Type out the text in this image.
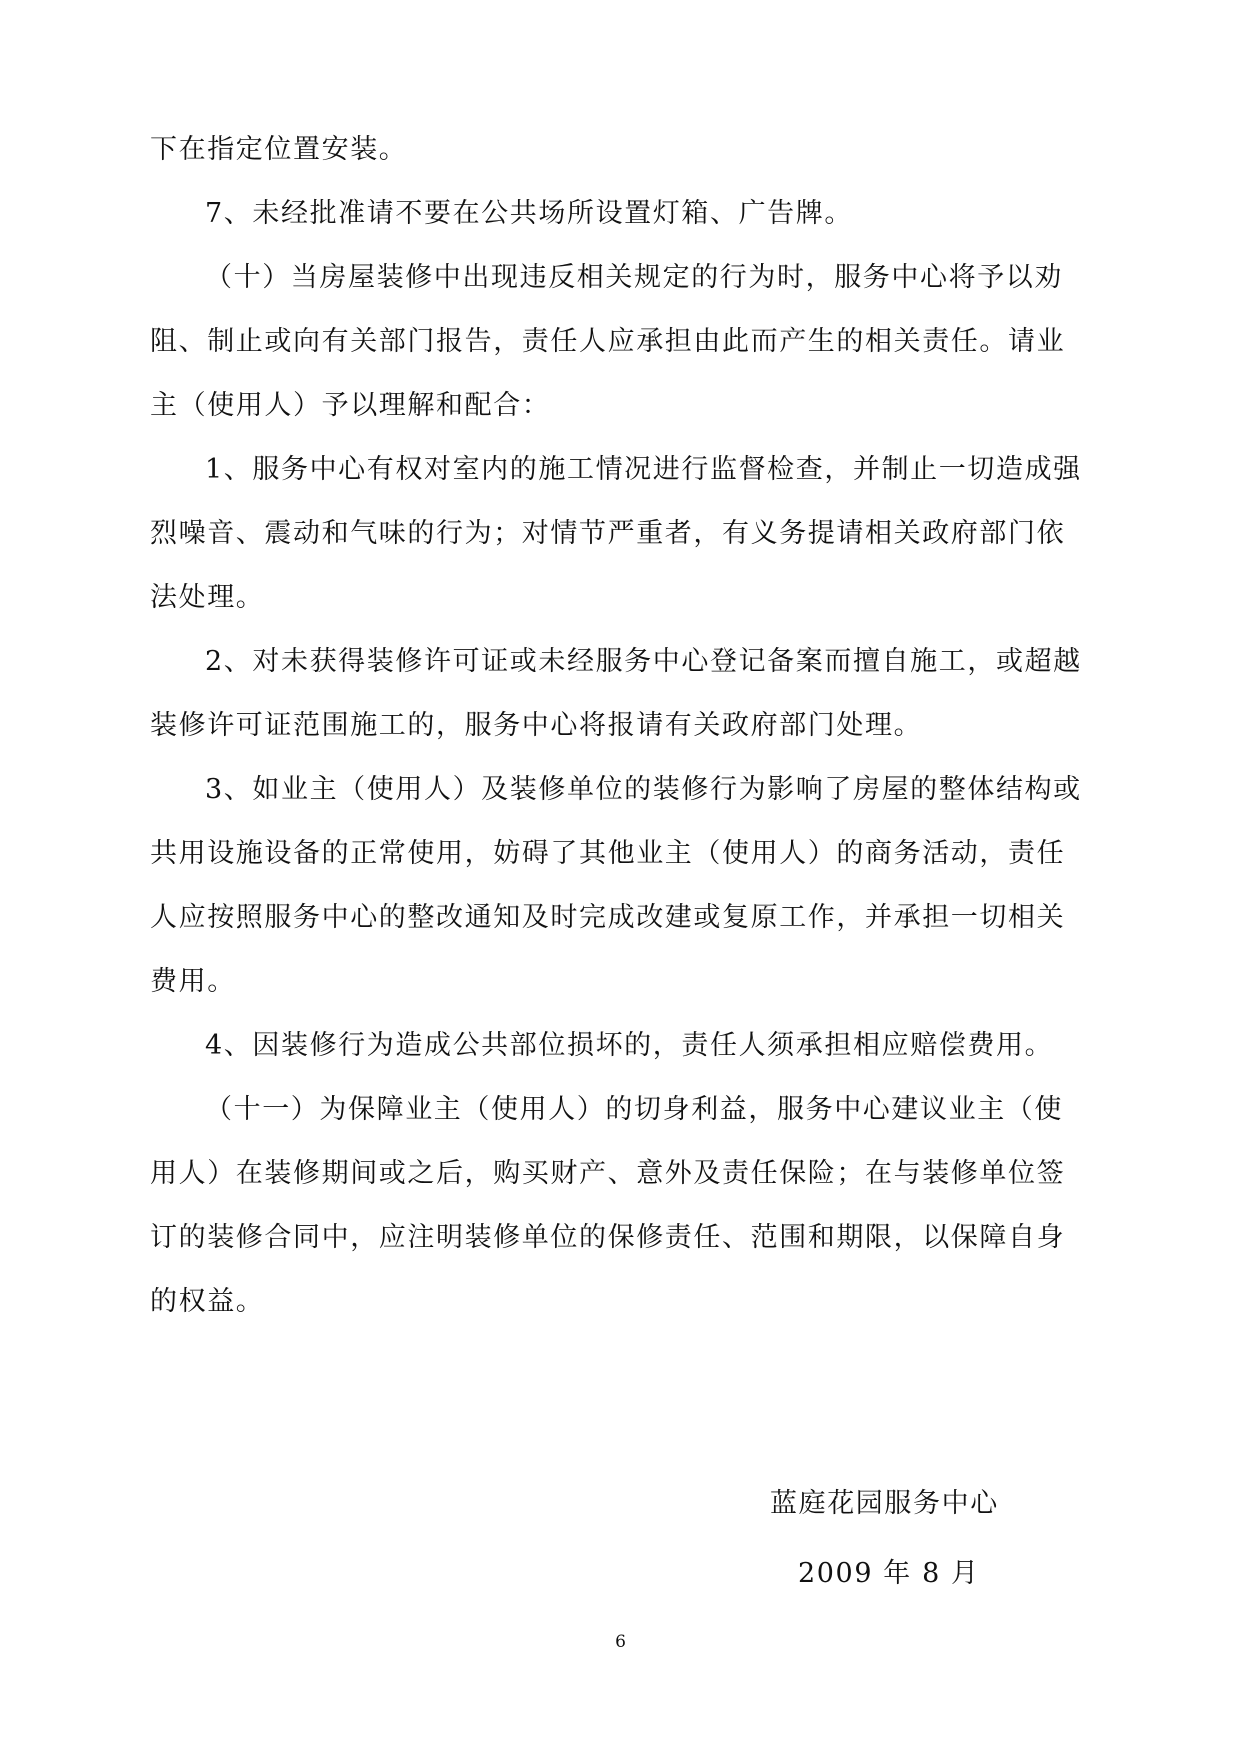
下在指定位置安装。
7、未经批准请不要在公共场所设置灯箱、广告牌。
（十）当房屋装修中出现违反相关规定的行为时，服务中心将予以劝
阻、制止或向有关部门报告，责任人应承担由此而产生的相关责任。请业
主（使用人）予以理解和配合：
1、服务中心有权对室内的施工情况进行监督检查，并制止一切造成强
烈噪音、震动和气味的行为；对情节严重者，有义务提请相关政府部门依
法处理。
2、对未获得装修许可证或未经服务中心登记备案而擅自施工，或超越
装修许可证范围施工的，服务中心将报请有关政府部门处理。
3、如业主（使用人）及装修单位的装修行为影响了房屋的整体结构或
共用设施设备的正常使用，妨碍了其他业主（使用人）的商务活动，责任
人应按照服务中心的整改通知及时完成改建或复原工作，并承担一切相关
费用。
4、因装修行为造成公共部位损坏的，责任人须承担相应赔偿费用。
（十一）为保障业主（使用人）的切身利益，服务中心建议业主（使
用人）在装修期间或之后，购买财产、意外及责任保险；在与装修单位签
订的装修合同中，应注明装修单位的保修责任、范围和期限，以保障自身
的权益。
蓝庭花园服务中心
2009 年 8 月
6
